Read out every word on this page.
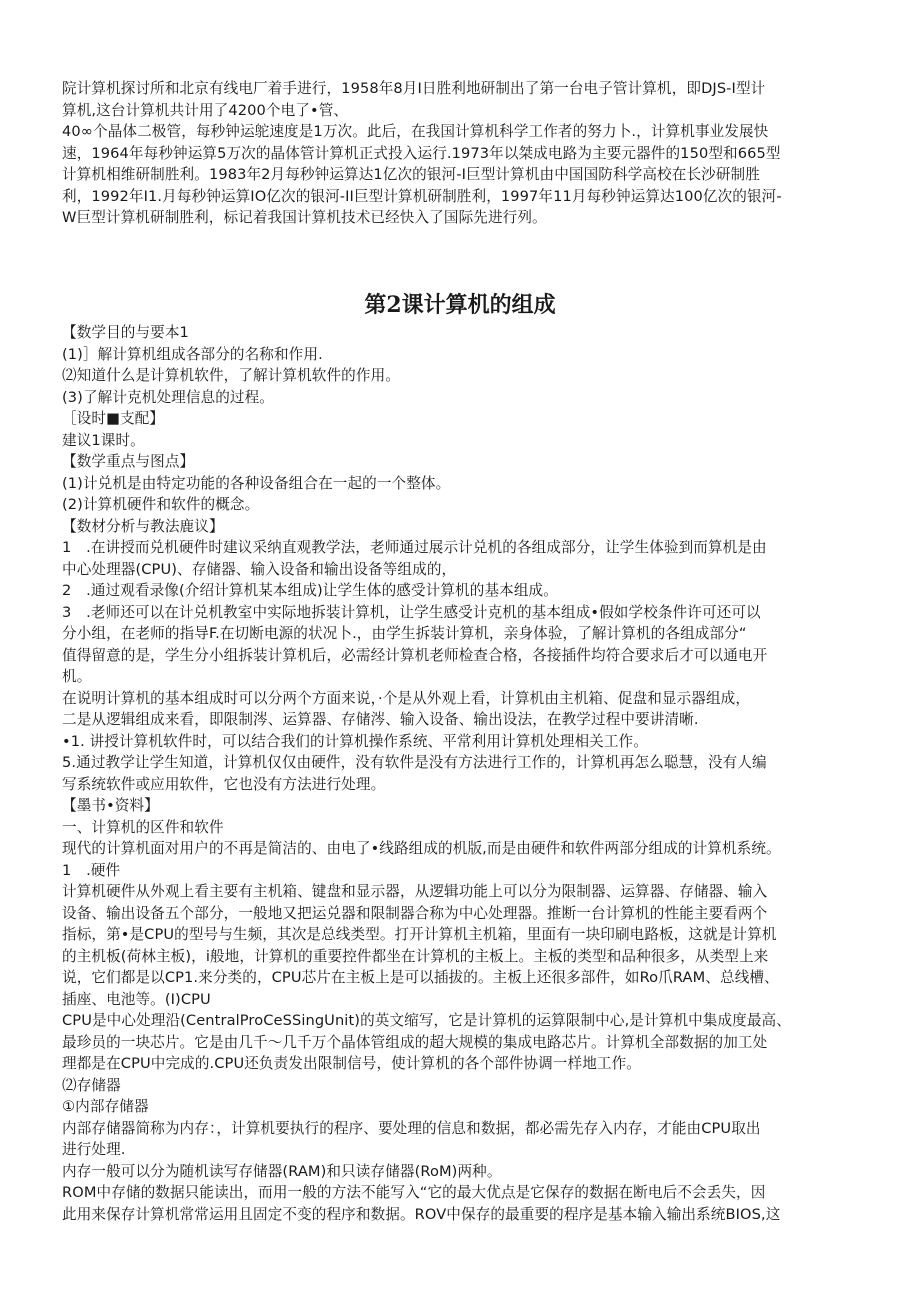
院计算机探讨所和北京有线电厂着手进行，1958年8月I日胜利地研制出了第一台电子管计算机，即DJS-I型计
算机,这台计算机共计用了4200个电了•管、
40∞个晶体二极管，每秒钟运鸵速度是1万次。此后，在我国计算机科学工作者的努力卜.，计算机事业发展快
速，1964年每秒钟运算5万次的晶体管计算机正式投入运行.1973年以桀成电路为主要元器件的150型和665型
计算机相维研制胜利。1983年2月每秒钟运算达1亿次的银河-I巨型计算机由中国国防科学高校在长沙研制胜
利，1992年I1.月每秒钟运算IO亿次的银河-II巨型计算机研制胜利，1997年11月每秒钟运算达100亿次的银河-
W巨型计算机研制胜利，标记着我国计算机技术已经快入了国际先进行列。
第2课计算机的组成
【数学目的与要本1
(1)］解计算机组成各部分的名称和作用.
⑵知道什么是计算机软件，了解计算机软件的作用。
(3)了解计克机处理信息的过程。
［设时■支配】
建议1课时。
【数学重点与图点】
(1)计兑机是由特定功能的各种设备组合在一起的一个整体。
(2)计算机硬件和软件的概念。
【数材分析与教法鹿议】
1　.在讲授而兑机硬件时建议采纳直观教学法，老师通过展示计兑机的各组成部分，让学生体验到而算机是由
中心处理器(CPU)、存储器、输入设备和输出设备等组成的，
2　.通过观看录像(介绍计算机某本组成)让学生体的感受计算机的基本组成。
3　.老师还可以在计兑机教室中实际地拆装计算机，让学生感受计克机的基本组成•假如学校条件许可还可以
分小组，在老师的指导F.在切断电源的状况卜.，由学生拆装计算机，亲身体验，了解计算机的各组成部分“
值得留意的是，学生分小组拆装计算机后，必需经计算机老师检查合格，各接插件均符合要求后才可以通电开
机。
在说明计算机的基本组成时可以分两个方面来说，·个是从外观上看，计算机由主机箱、促盘和显示器组成，
二是从逻辑组成来看，即限制涔、运算器、存储涔、输入设备、输出设法，在教学过程中要讲清晰.
•1. 讲授计算机软件时，可以结合我们的计算机操作系统、平常利用计算机处理相关工作。
5.通过教学让学生知道，计算机仅仅由硬件，没有软件是没有方法进行工作的，计算机再怎么聪慧，没有人编
写系统软件或应用软件，它也没有方法进行处理。
【墨书•资料】
一、计算机的区件和软件
现代的计算机面对用户的不再是简洁的、由电了•线路组成的机版,而是由硬件和软件两部分组成的计算机系统。
1　.硬件
计算机硬件从外观上看主要有主机箱、键盘和显示器，从逻辑功能上可以分为限制器、运算器、存储器、输入
设备、输出设备五个部分，一般地又把运兑器和限制器合称为中心处理器。推断一台计算机的性能主要看两个
指标，第•是CPU的型号与生频，其次是总线类型。打开计算机主机箱，里面有一块印刷电路板，这就是计算机
的主机板(荷林主板)，i般地，计算机的重要控件都坐在计算机的主板上。主板的类型和品种很多，从类型上来
说，它们都是以CP1.来分类的，CPU芯片在主板上是可以插拔的。主板上还很多部件，如Ro爪RAM、总线槽、
插座、电池等。(I)CPU
CPU是中心处理沿(CentralProCeSSingUnit)的英文缩写，它是计算机的运算限制中心,是计算机中集成度最高、
最珍员的一块芯片。它是由几千～几千万个晶体管组成的超大规模的集成电路芯片。计算机全部数据的加工处
理都是在CPU中完成的.CPU还负责发出限制信号，使计算机的各个部件协调一样地工作。
⑵存储器
①内部存储器
内部存储器简称为内存：，计算机要执行的程序、要处理的信息和数据，都必需先存入内存，才能由CPU取出
进行处理.
内存一般可以分为随机读写存储器(RAM)和只读存储器(RoM)两种。
ROM中存储的数据只能读出，而用一般的方法不能写入“它的最大优点是它保存的数据在断电后不会丢失，因
此用来保存计算机常常运用且固定不变的程序和数据。ROV中保存的最重要的程序是基本输入输出系统BIOS,这
